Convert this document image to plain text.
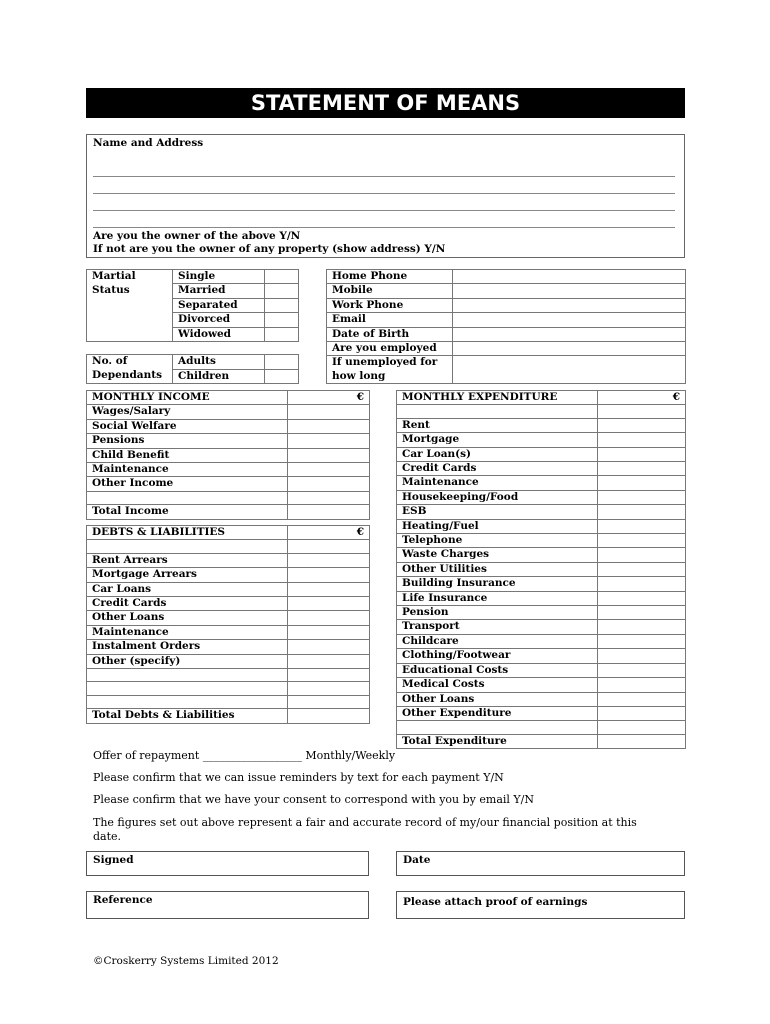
STATEMENT OF MEANS
Name and Address
Are you the owner of the above Y/N
If not are you the owner of any property (show address) Y/N
Martial	Single	
Status	Married	
	Separated	
	Divorced	
	Widowed	

No. of	Adults	
Dependants	Children	
Home Phone	
Mobile	
Work Phone	
Email	
Date of Birth	
Are you employed	
If unemployed for	
how long	
MONTHLY INCOME	€
Wages/Salary	
Social Welfare	
Pensions	
Child Benefit	
Maintenance	
Other Income	

Total Income	
DEBTS & LIABILITIES	€

Rent Arrears	
Mortgage Arrears	
Car Loans	
Credit Cards	
Other Loans	
Maintenance	
Instalment Orders	
Other (specify)	

Total Debts & Liabilities	
MONTHLY EXPENDITURE	€

Rent	
Mortgage	
Car Loan(s)	
Credit Cards	
Maintenance	
Housekeeping/Food	
ESB	
Heating/Fuel	
Telephone	
Waste Charges	
Other Utilities	
Building Insurance	
Life Insurance	
Pension	
Transport	
Childcare	
Clothing/Footwear	
Educational Costs	
Medical Costs	
Other Loans	
Other Expenditure	

Total Expenditure	
Offer of repayment __________________ Monthly/Weekly
Please confirm that we can issue reminders by text for each payment Y/N
Please confirm that we have your consent to correspond with you by email Y/N
The figures set out above represent a fair and accurate record of my/our financial position at this
date.
Signed	Date
Reference	Please attach proof of earnings
©Croskerry Systems Limited 2012
